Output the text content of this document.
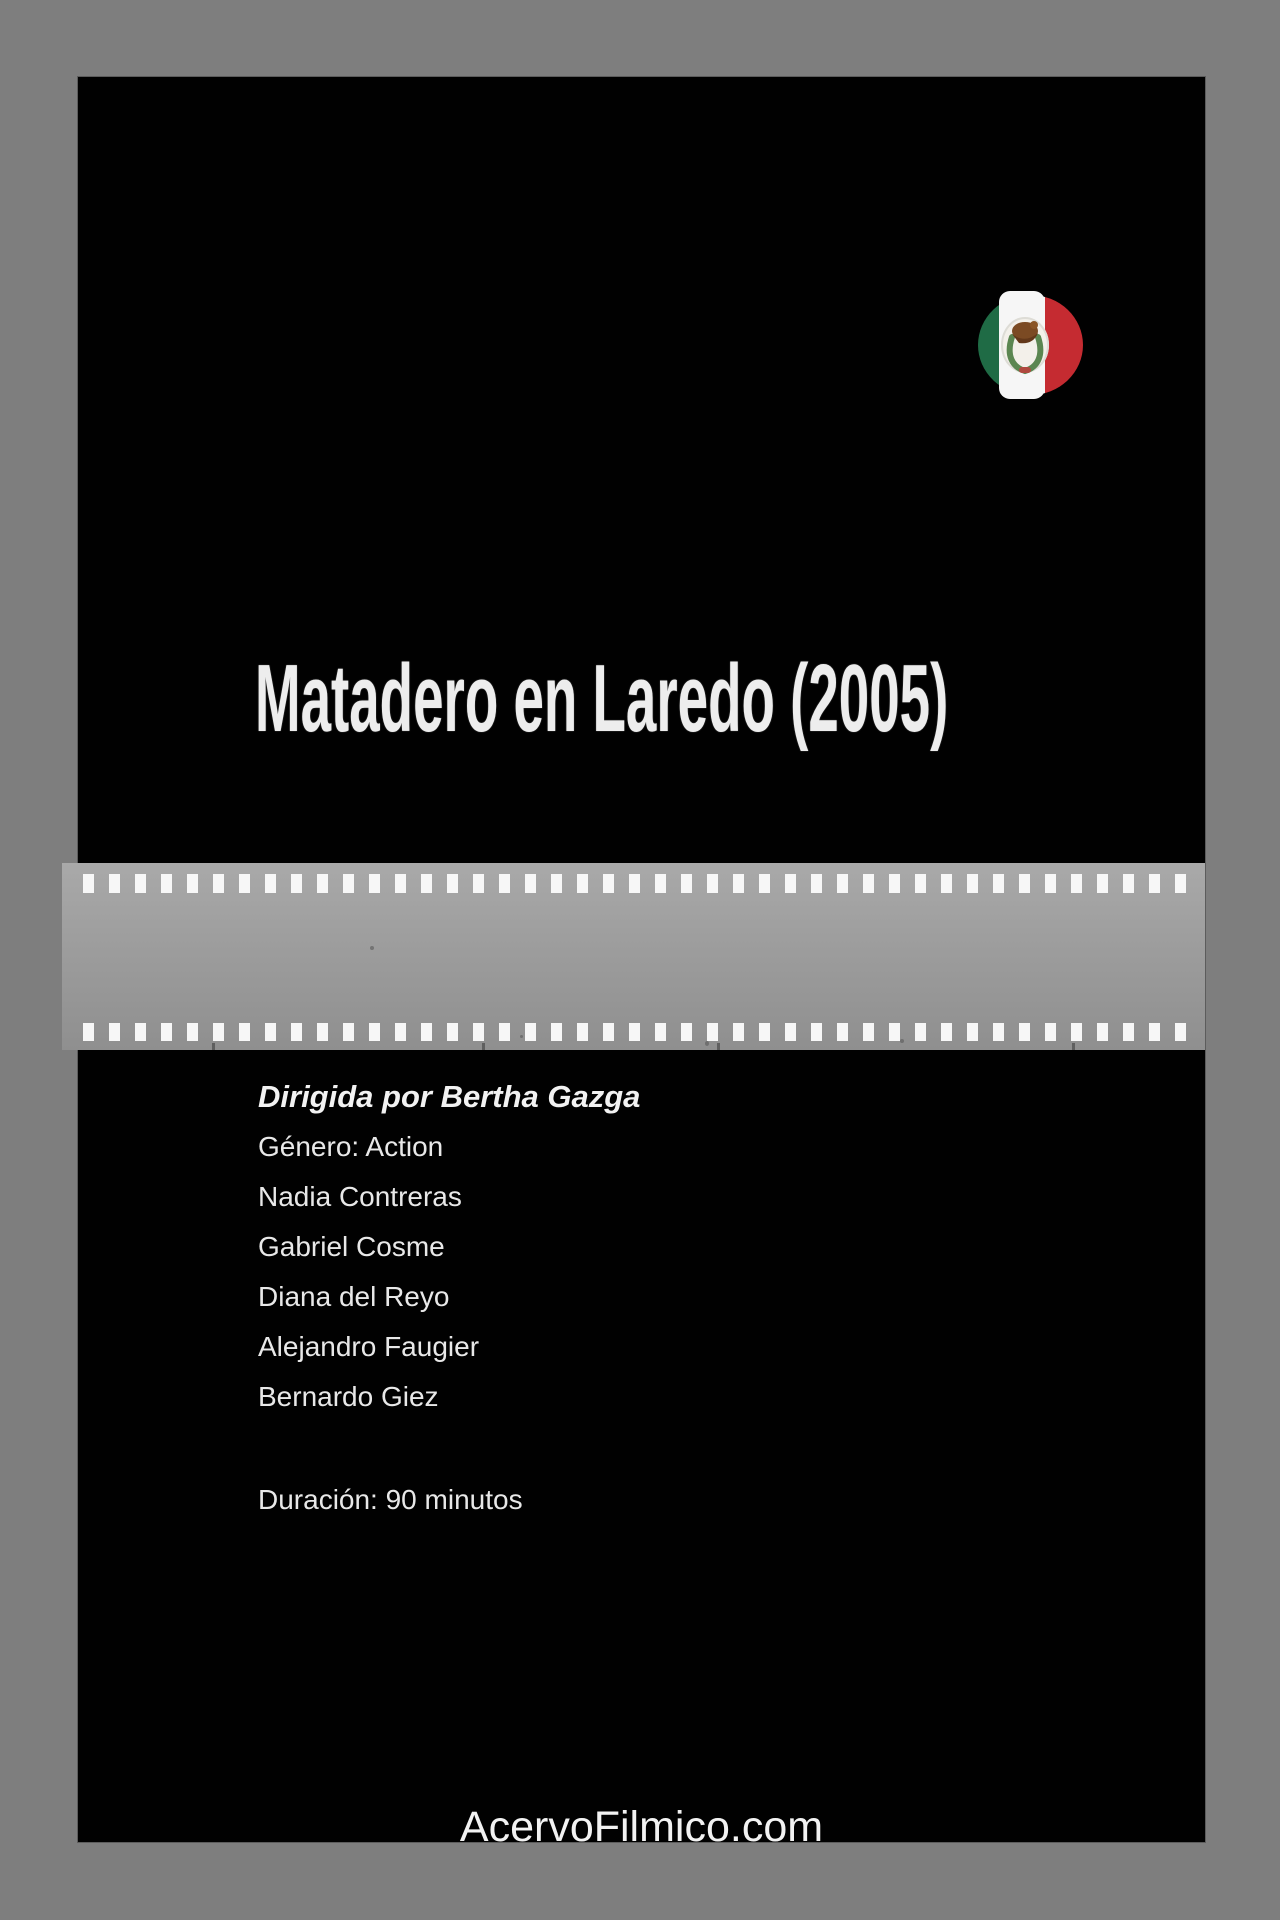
Matadero en Laredo (2005)
Dirigida por Bertha Gazga
Género: Action
Nadia Contreras
Gabriel Cosme
Diana del Reyo
Alejandro Faugier
Bernardo Giez
Duración: 90 minutos
AcervoFilmico.com
